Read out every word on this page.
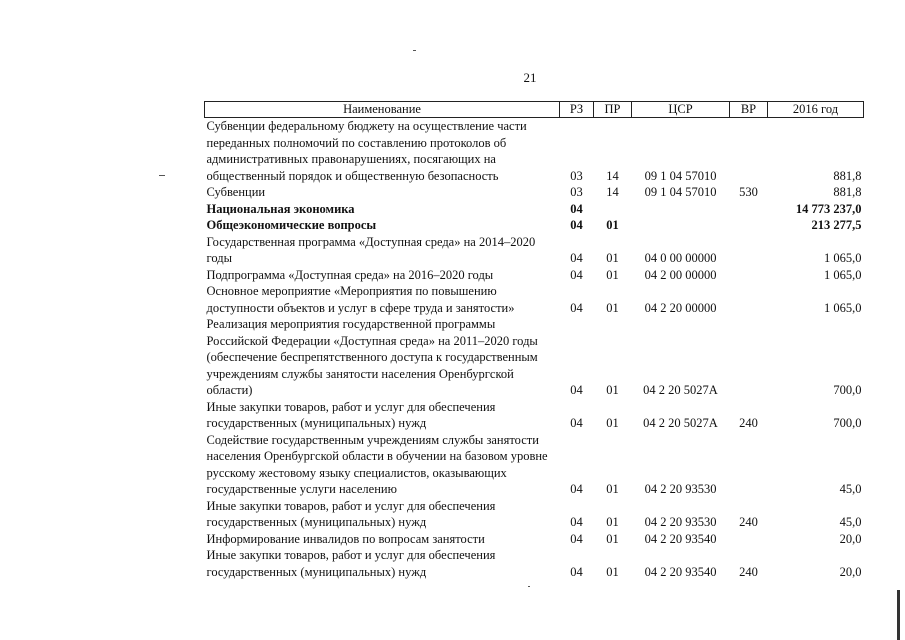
21
Наименование	РЗ	ПР	ЦСР	ВР	2016 год
Субвенции федеральному бюджету на осуществление части переданных полномочий по составлению протоколов об административных правонарушениях, посягающих на общественный порядок и общественную безопасность	03	14	09 1 04 57010		881,8
Субвенции	03	14	09 1 04 57010	530	881,8
Национальная экономика	04				14 773 237,0
Общеэкономические вопросы	04	01			213 277,5
Государственная программа «Доступная среда» на 2014–2020 годы	04	01	04 0 00 00000		1 065,0
Подпрограмма «Доступная среда» на 2016–2020 годы	04	01	04 2 00 00000		1 065,0
Основное мероприятие «Мероприятия по повышению доступности объектов и услуг в сфере труда и занятости»	04	01	04 2 20 00000		1 065,0
Реализация мероприятия государственной программы Российской Федерации «Доступная среда» на 2011–2020 годы (обеспечение беспрепятственного доступа к государственным учреждениям службы занятости населения Оренбургской области)	04	01	04 2 20 5027А		700,0
Иные закупки товаров, работ и услуг для обеспечения государственных (муниципальных) нужд	04	01	04 2 20 5027А	240	700,0
Содействие государственным учреждениям службы занятости населения Оренбургской области в обучении на базовом уровне русскому жестовому языку специалистов, оказывающих государственные услуги населению	04	01	04 2 20 93530		45,0
Иные закупки товаров, работ и услуг для обеспечения государственных (муниципальных) нужд	04	01	04 2 20 93530	240	45,0
Информирование инвалидов по вопросам занятости	04	01	04 2 20 93540		20,0
Иные закупки товаров, работ и услуг для обеспечения государственных (муниципальных) нужд	04	01	04 2 20 93540	240	20,0
